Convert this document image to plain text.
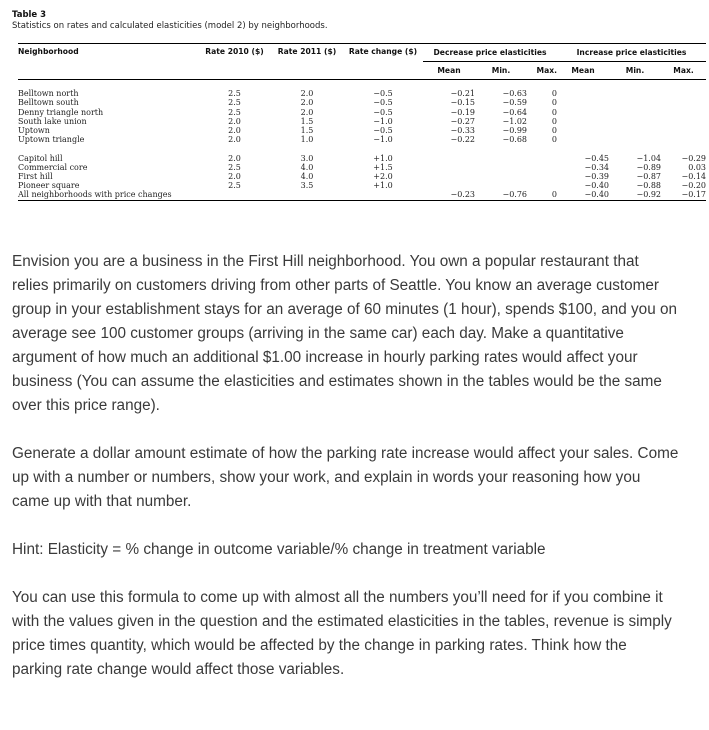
Table 3
Statistics on rates and calculated elasticities (model 2) by neighborhoods.
Neighborhood	Rate 2010 ($)	Rate 2011 ($)	Rate change ($)	Decrease price elasticities			Increase price elasticities		
				Mean	Min.	Max.	Mean	Min.	Max.

Belltown north	2.5	2.0	−0.5	−0.21	−0.63	0			
Belltown south	2.5	2.0	−0.5	−0.15	−0.59	0			
Denny triangle north	2.5	2.0	−0.5	−0.19	−0.64	0			
South lake union	2.0	1.5	−1.0	−0.27	−1.02	0			
Uptown	2.0	1.5	−0.5	−0.33	−0.99	0			
Uptown triangle	2.0	1.0	−1.0	−0.22	−0.68	0			

Capitol hill	2.0	3.0	+1.0				−0.45	−1.04	−0.29
Commercial core	2.5	4.0	+1.5				−0.34	−0.89	0.03
First hill	2.0	4.0	+2.0				−0.39	−0.87	−0.14
Pioneer square	2.5	3.5	+1.0				−0.40	−0.88	−0.20
All neighborhoods with price changes				−0.23	−0.76	0	−0.40	−0.92	−0.17

Envision you are a business in the First Hill neighborhood. You own a popular restaurant that
relies primarily on customers driving from other parts of Seattle. You know an average customer
group in your establishment stays for an average of 60 minutes (1 hour), spends $100, and you on
average see 100 customer groups (arriving in the same car) each day. Make a quantitative
argument of how much an additional $1.00 increase in hourly parking rates would affect your
business (You can assume the elasticities and estimates shown in the tables would be the same
over this price range).

Generate a dollar amount estimate of how the parking rate increase would affect your sales. Come
up with a number or numbers, show your work, and explain in words your reasoning how you
came up with that number.

Hint: Elasticity = % change in outcome variable/% change in treatment variable

You can use this formula to come up with almost all the numbers you’ll need for if you combine it
with the values given in the question and the estimated elasticities in the tables, revenue is simply
price times quantity, which would be affected by the change in parking rates. Think how the
parking rate change would affect those variables.
